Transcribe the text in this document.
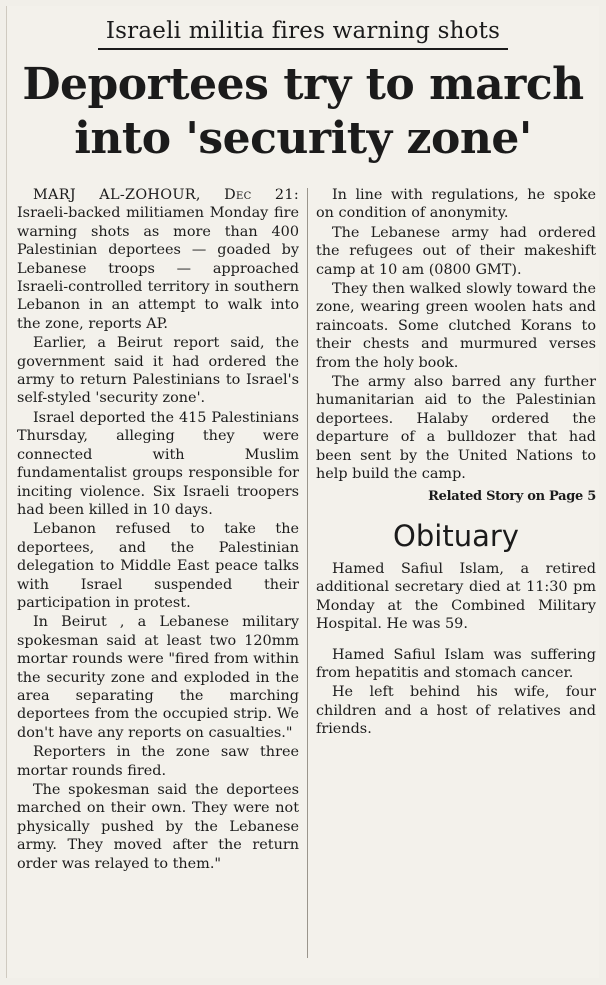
Israeli militia fires warning shots
Deportees try to march
into 'security zone'

MARJ AL-ZOHOUR, Dec 21: Israeli-backed militiamen Monday fire warning shots as more than 400 Palestinian deportees — goaded by Lebanese troops — approached Israeli-controlled territory in southern Lebanon in an attempt to walk into the zone, reports AP.

Earlier, a Beirut report said, the government said it had ordered the army to return Palestinians to Israel's self-styled 'security zone'.

Israel deported the 415 Palestinians Thursday, alleging they were connected with Muslim fundamentalist groups responsible for inciting violence. Six Israeli troopers had been killed in 10 days.

Lebanon refused to take the deportees, and the Palestinian delegation to Middle East peace talks with Israel suspended their participation in protest.

In Beirut , a Lebanese military spokesman said at least two 120mm mortar rounds were "fired from within the security zone and exploded in the area separating the marching deportees from the occupied strip. We don't have any reports on casualties."

Reporters in the zone saw three mortar rounds fired.

The spokesman said the deportees marched on their own. They were not physically pushed by the Lebanese army. They moved after the return order was relayed to them."

In line with regulations, he spoke on condition of anonymity.

The Lebanese army had ordered the refugees out of their makeshift camp at 10 am (0800 GMT).

They then walked slowly toward the zone, wearing green woolen hats and raincoats. Some clutched Korans to their chests and murmured verses from the holy book.

The army also barred any further humanitarian aid to the Palestinian deportees. Halaby ordered the departure of a bulldozer that had been sent by the United Nations to help build the camp.

Related Story on Page 5
Obituary

Hamed Safiul Islam, a retired additional secretary died at 11:30 pm Monday at the Combined Military Hospital. He was 59.

Hamed Safiul Islam was suffering from hepatitis and stomach cancer.

He left behind his wife, four children and a host of relatives and friends.
